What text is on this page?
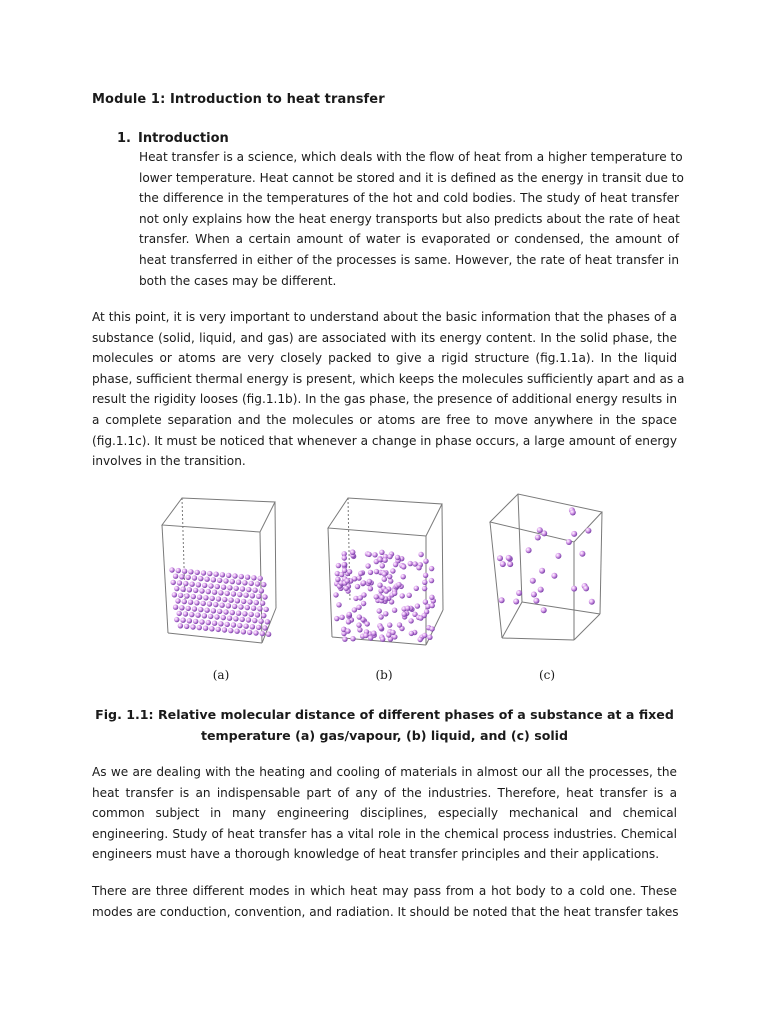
Module 1: Introduction to heat transfer
1. Introduction
Heat transfer is a science, which deals with the flow of heat from a higher temperature to
lower temperature. Heat cannot be stored and it is defined as the energy in transit due to
the difference in the temperatures of the hot and cold bodies. The study of heat transfer
not only explains how the heat energy transports but also predicts about the rate of heat
transfer. When a certain amount of water is evaporated or condensed, the amount of
heat transferred in either of the processes is same. However, the rate of heat transfer in
both the cases may be different.
At this point, it is very important to understand about the basic information that the phases of a
substance (solid, liquid, and gas) are associated with its energy content. In the solid phase, the
molecules or atoms are very closely packed to give a rigid structure (fig.1.1a). In the liquid
phase, sufficient thermal energy is present, which keeps the molecules sufficiently apart and as a
result the rigidity looses (fig.1.1b). In the gas phase, the presence of additional energy results in
a complete separation and the molecules or atoms are free to move anywhere in the space
(fig.1.1c). It must be noticed that whenever a change in phase occurs, a large amount of energy
involves in the transition.
(a)	(b)	(c)
Fig. 1.1: Relative molecular distance of different phases of a substance at a fixed
temperature (a) gas/vapour, (b) liquid, and (c) solid
As we are dealing with the heating and cooling of materials in almost our all the processes, the
heat transfer is an indispensable part of any of the industries. Therefore, heat transfer is a
common subject in many engineering disciplines, especially mechanical and chemical
engineering. Study of heat transfer has a vital role in the chemical process industries. Chemical
engineers must have a thorough knowledge of heat transfer principles and their applications.
There are three different modes in which heat may pass from a hot body to a cold one. These
modes are conduction, convention, and radiation. It should be noted that the heat transfer takes
